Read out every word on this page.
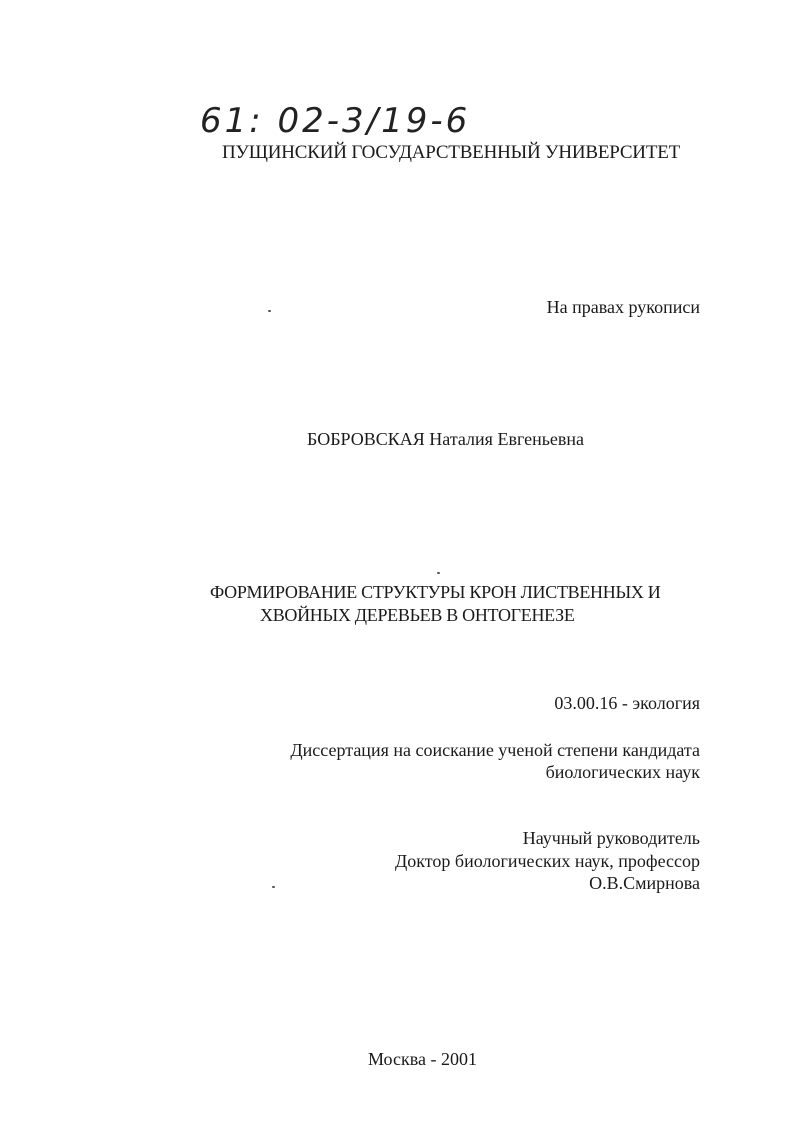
61: 02-3/19-6
ПУЩИНСКИЙ ГОСУДАРСТВЕННЫЙ УНИВЕРСИТЕТ
На правах рукописи
БОБРОВСКАЯ Наталия Евгеньевна
ФОРМИРОВАНИЕ СТРУКТУРЫ КРОН ЛИСТВЕННЫХ И
ХВОЙНЫХ ДЕРЕВЬЕВ В ОНТОГЕНЕЗЕ
03.00.16 - экология
Диссертация на соискание ученой степени кандидата
биологических наук
Научный руководитель
Доктор биологических наук, профессор
О.В.Смирнова
Москва - 2001
